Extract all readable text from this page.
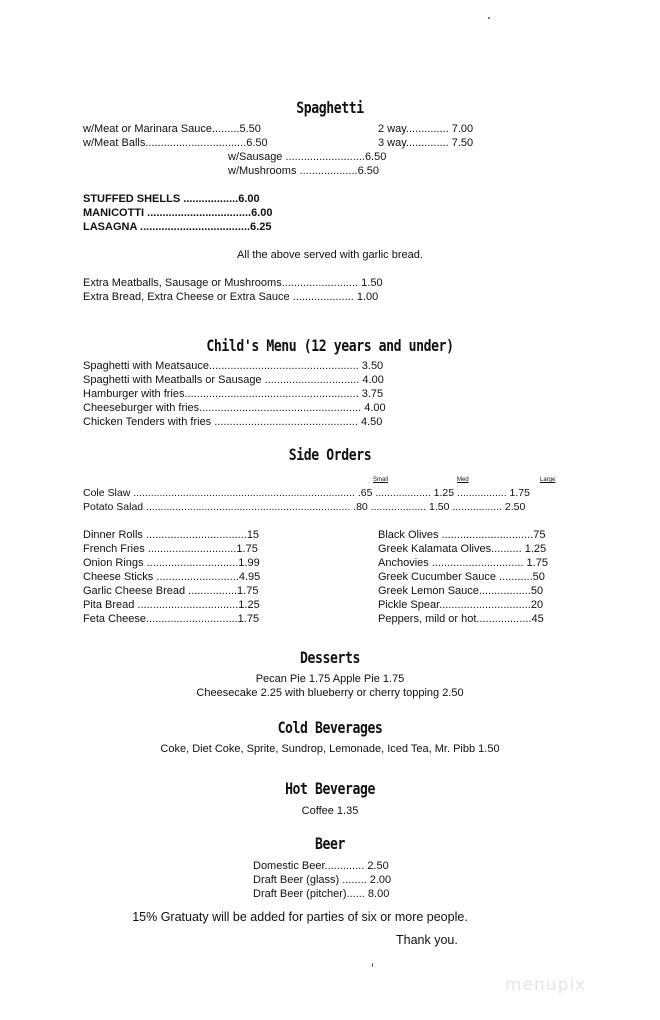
Spaghetti
w/Meat or Marinara Sauce.........5.50	2 way.............. 7.00
w/Meat Balls.................................6.50	3 way.............. 7.50
w/Sausage ..........................6.50
w/Mushrooms ...................6.50
STUFFED SHELLS ..................6.00
MANICOTTI ..................................6.00
LASAGNA ....................................6.25
All the above served with garlic bread.
Extra Meatballs, Sausage or Mushrooms......................... 1.50
Extra Bread, Extra Cheese or Extra Sauce .................... 1.00
Child's Menu (12 years and under)
Spaghetti with Meatsauce................................................. 3.50
Spaghetti with Meatballs or Sausage ............................... 4.00
Hamburger with fries......................................................... 3.75
Cheeseburger with fries..................................................... 4.00
Chicken Tenders with fries ............................................... 4.50
Side Orders
Small	Med	Large
Cole Slaw ............................................................................ .65 ................... 1.25 ................. 1.75
Potato Salad ...................................................................... .80 ................... 1.50 ................. 2.50
Dinner Rolls .................................15
French Fries .............................1.75
Onion Rings ..............................1.99
Cheese Sticks ...........................4.95
Garlic Cheese Bread ................1.75
Pita Bread .................................1.25
Feta Cheese..............................1.75
Black Olives ..............................75
Greek Kalamata Olives.......... 1.25
Anchovies .............................. 1.75
Greek Cucumber Sauce ...........50
Greek Lemon Sauce.................50
Pickle Spear..............................20
Peppers, mild or hot..................45
Desserts
Pecan Pie 1.75 Apple Pie 1.75
Cheesecake 2.25 with blueberry or cherry topping 2.50
Cold Beverages
Coke, Diet Coke, Sprite, Sundrop, Lemonade, Iced Tea, Mr. Pibb 1.50
Hot Beverage
Coffee 1.35
Beer
Domestic Beer............. 2.50
Draft Beer (glass) ........ 2.00
Draft Beer (pitcher)...... 8.00
15% Gratuaty will be added for parties of six or more people.
Thank you.
menupix
